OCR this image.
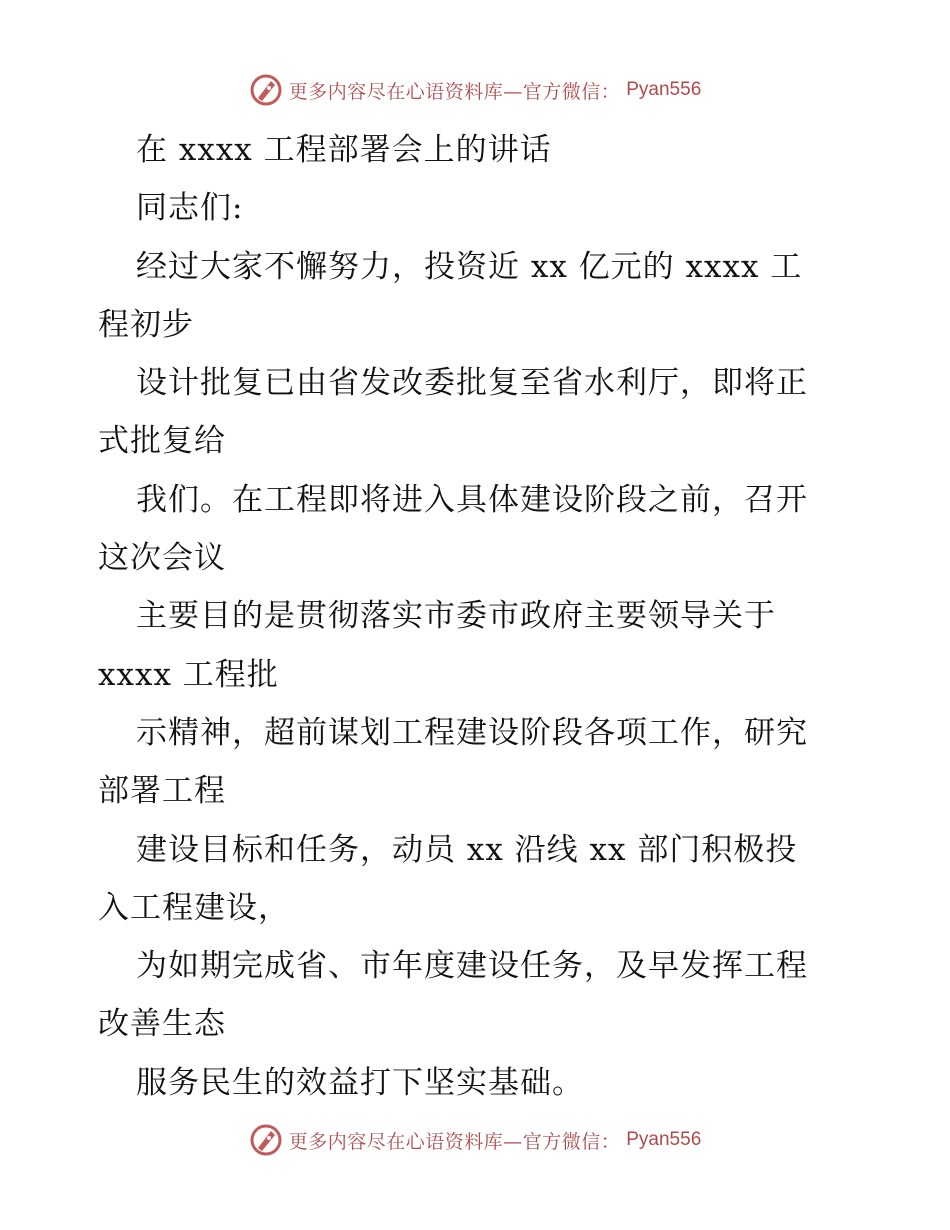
更多内容尽在心语资料库—官方微信： Pyan556
在 xxxx 工程部署会上的讲话
同志们:
经过大家不懈努力，投资近 xx 亿元的 xxxx 工
程初步
设计批复已由省发改委批复至省水利厅，即将正
式批复给
我们。在工程即将进入具体建设阶段之前，召开
这次会议
主要目的是贯彻落实市委市政府主要领导关于
xxxx 工程批
示精神，超前谋划工程建设阶段各项工作，研究
部署工程
建设目标和任务，动员 xx 沿线 xx 部门积极投
入工程建设，
为如期完成省、市年度建设任务，及早发挥工程
改善生态
服务民生的效益打下坚实基础。
更多内容尽在心语资料库—官方微信： Pyan556
